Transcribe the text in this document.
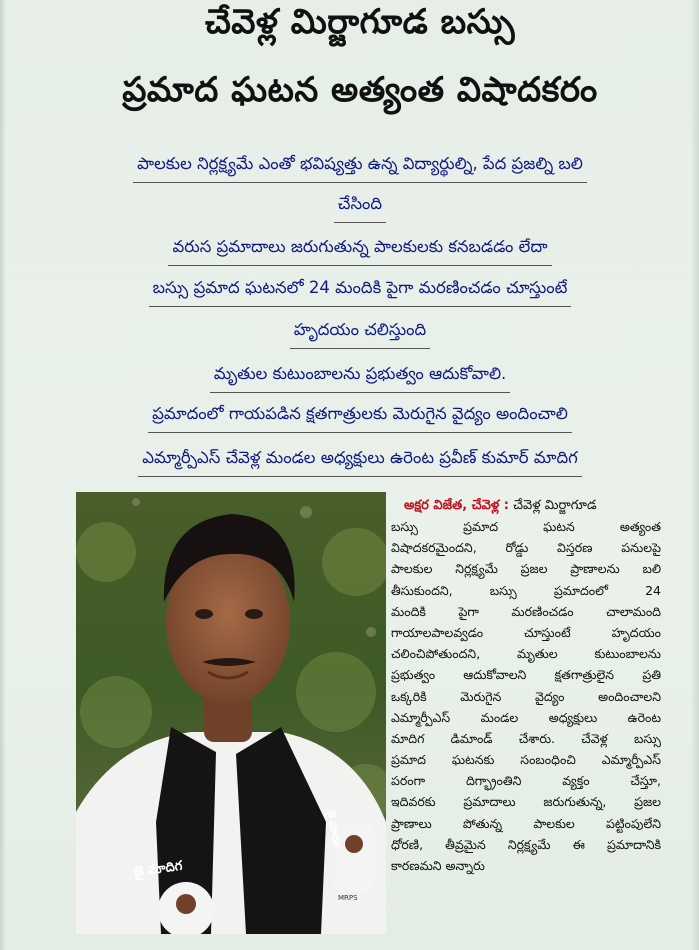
చేవెళ్ల మిర్జాగూడ బస్సు
ప్రమాద ఘటన అత్యంత విషాదకరం
పాలకుల నిర్లక్ష్యమే ఎంతో భవిష్యత్తు ఉన్న విద్యార్థుల్ని, పేద ప్రజల్ని బలి
చేసింది
వరుస ప్రమాదాలు జరుగుతున్న పాలకులకు కనబడడం లేదా
బస్సు ప్రమాద ఘటనలో 24 మందికి పైగా మరణించడం చూస్తుంటే
హృదయం చలిస్తుంది
మృతుల కుటుంబాలను ప్రభుత్వం ఆదుకోవాలి.
ప్రమాదంలో గాయపడిన క్షతగాత్రులకు మెరుగైన వైద్యం అందించాలి
ఎమ్మార్పీఎస్ చేవెళ్ల మండల అధ్యక్షులు ఉరెంట ప్రవీణ్ కుమార్ మాదిగ
జై మాదిగ
జై మాదిగ
MRPS
అక్షర విజేత, చేవెళ్ల : చేవెళ్ల మిర్జాగూడ
బస్సు ప్రమాద ఘటన అత్యంత
విషాదకరమైందని, రోడ్డు విస్తరణ పనులపై
పాలకుల నిర్లక్ష్యమే ప్రజల ప్రాణాలను బలి
తీసుకుందని, బస్సు ప్రమాదంలో 24
మందికి పైగా మరణించడం చాలామంది
గాయాలపాలవ్వడం చూస్తుంటే హృదయం
చలించిపోతుందని, మృతుల కుటుంబాలను
ప్రభుత్వం ఆదుకోవాలని క్షతగాత్రులైన ప్రతి
ఒక్కరికి మెరుగైన వైద్యం అందించాలని
ఎమ్మార్పీఎస్ మండల అధ్యక్షులు ఉరెంట
మాదిగ డిమాండ్ చేశారు. చేవెళ్ల బస్సు
ప్రమాద ఘటనకు సంబంధించి ఎమ్మార్పీఎస్
పరంగా దిగ్భ్రాంతిని వ్యక్తం చేస్తూ,
ఇదివరకు ప్రమాదాలు జరుగుతున్న, ప్రజల
ప్రాణాలు పోతున్న పాలకుల పట్టింపులేని
ధోరణి, తీవ్రమైన నిర్లక్ష్యమే ఈ ప్రమాదానికి
కారణమని అన్నారు
